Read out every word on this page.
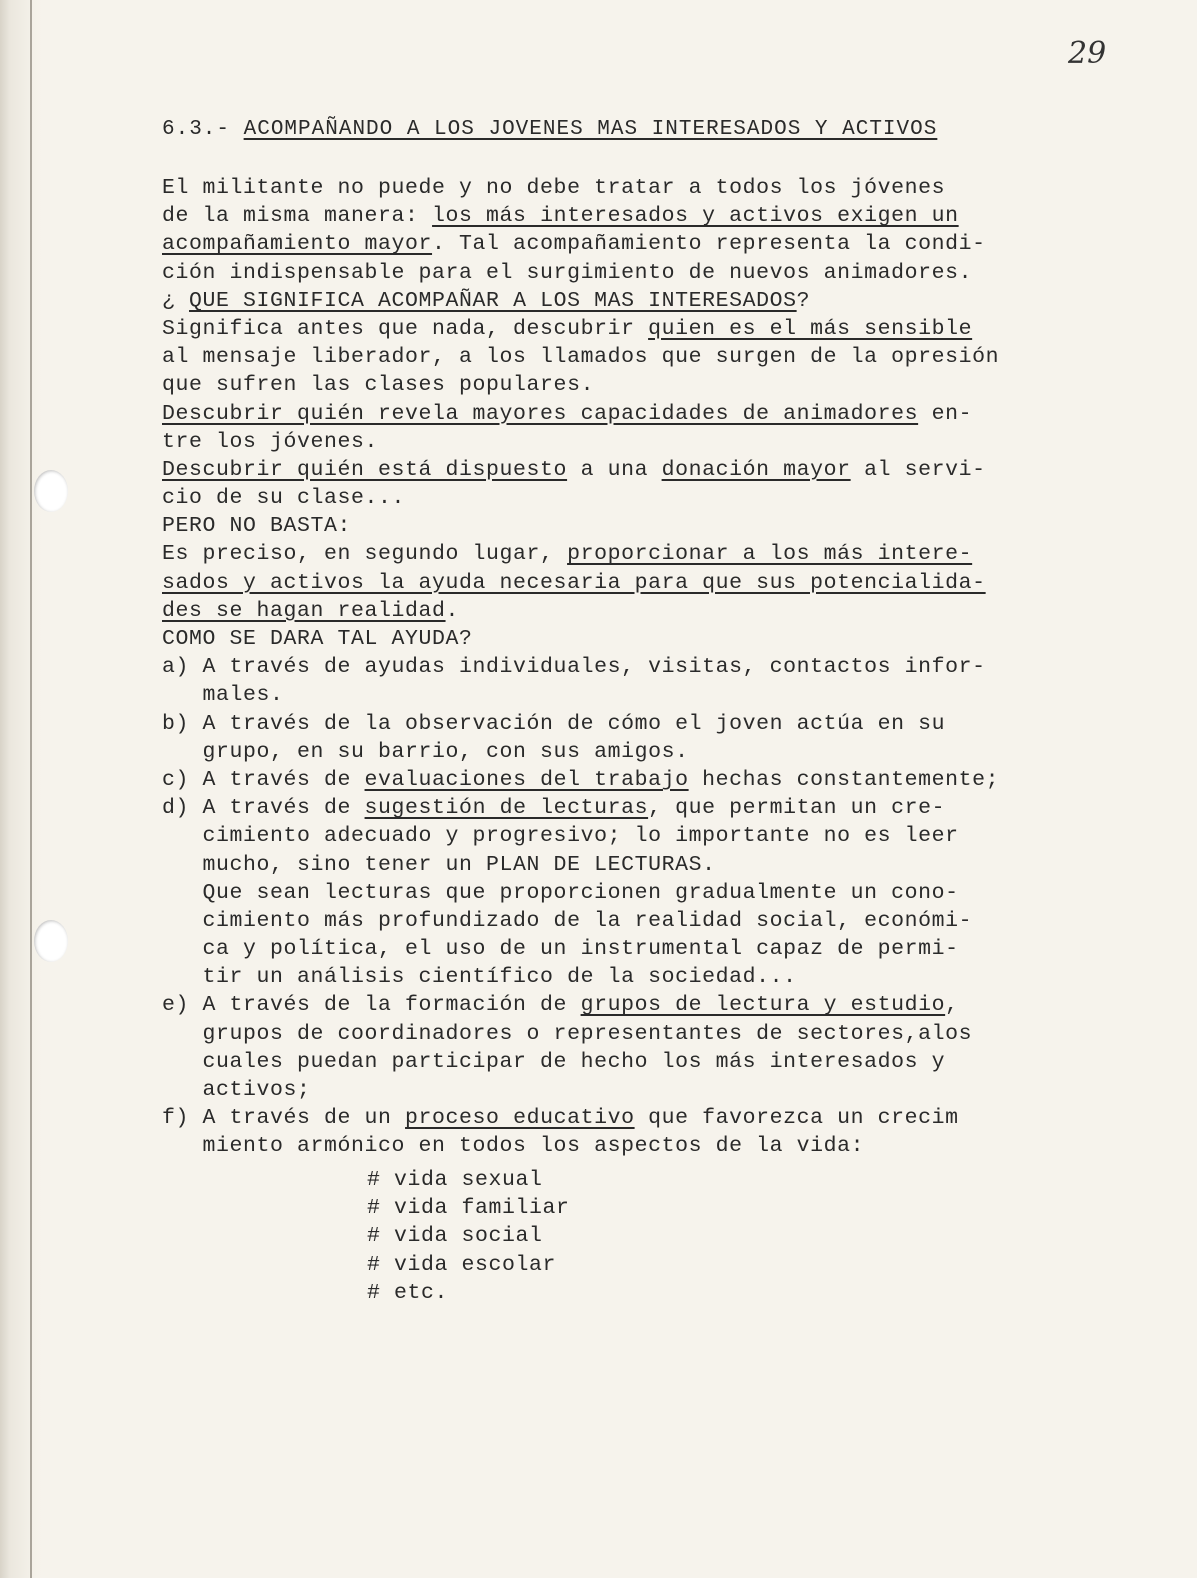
29
6.3.- ACOMPAÑANDO A LOS JOVENES MAS INTERESADOS Y ACTIVOS
El militante no puede y no debe tratar a todos los jóvenes
de la misma manera: los más interesados y activos exigen un
acompañamiento mayor. Tal acompañamiento representa la condi-
ción indispensable para el surgimiento de nuevos animadores.
¿ QUE SIGNIFICA ACOMPAÑAR A LOS MAS INTERESADOS?
Significa antes que nada, descubrir quien es el más sensible
al mensaje liberador, a los llamados que surgen de la opresión
que sufren las clases populares.
Descubrir quién revela mayores capacidades de animadores en-
tre los jóvenes.
Descubrir quién está dispuesto a una donación mayor al servi-
cio de su clase...
PERO NO BASTA:
Es preciso, en segundo lugar, proporcionar a los más intere-
sados y activos la ayuda necesaria para que sus potencialida-
des se hagan realidad.
COMO SE DARA TAL AYUDA?
a) A través de ayudas individuales, visitas, contactos infor-
males.
b) A través de la observación de cómo el joven actúa en su
grupo, en su barrio, con sus amigos.
c) A través de evaluaciones del trabajo hechas constantemente;
d) A través de sugestión de lecturas, que permitan un cre-
cimiento adecuado y progresivo; lo importante no es leer
mucho, sino tener un PLAN DE LECTURAS.
Que sean lecturas que proporcionen gradualmente un cono-
cimiento más profundizado de la realidad social, económi-
ca y política, el uso de un instrumental capaz de permi-
tir un análisis científico de la sociedad...
e) A través de la formación de grupos de lectura y estudio,
grupos de coordinadores o representantes de sectores,alos
cuales puedan participar de hecho los más interesados y
activos;
f) A través de un proceso educativo que favorezca un crecim
miento armónico en todos los aspectos de la vida:
# vida sexual
# vida familiar
# vida social
# vida escolar
# etc.
